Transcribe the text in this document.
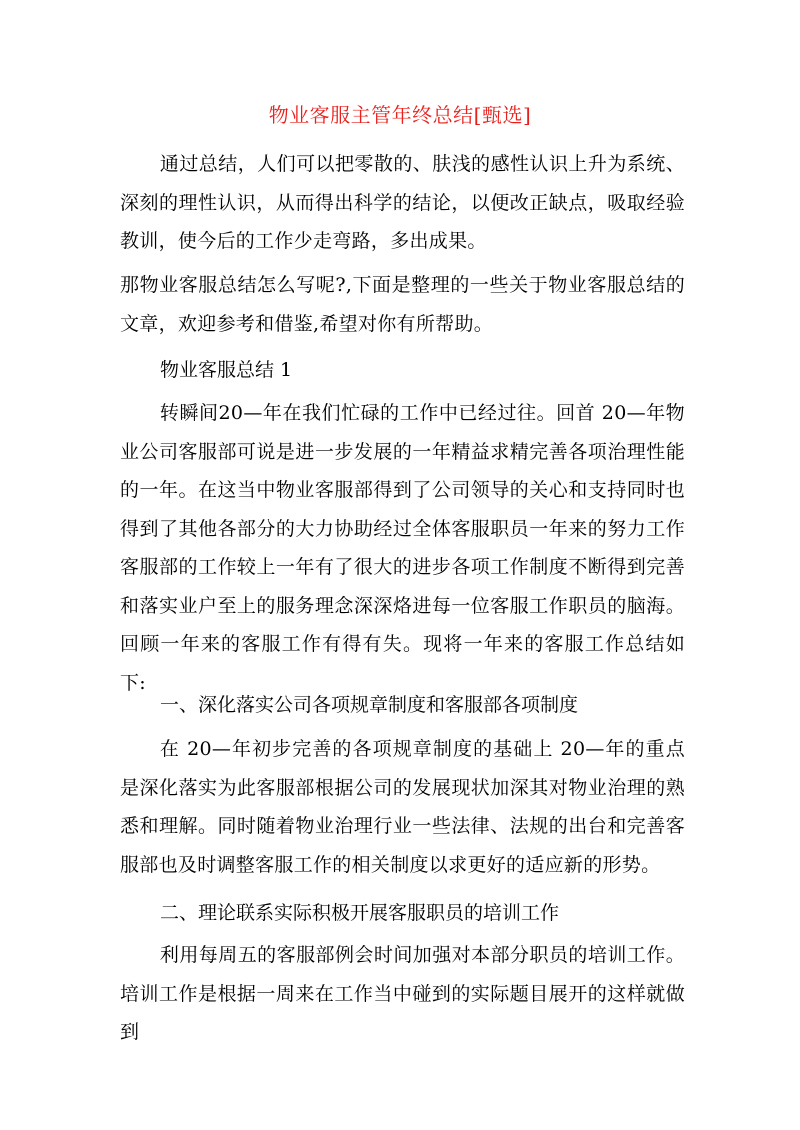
物业客服主管年终总结[甄选]

通过总结，人们可以把零散的、肤浅的感性认识上升为系统、深刻的理性认识，从而得出科学的结论，以便改正缺点，吸取经验教训，使今后的工作少走弯路，多出成果。

那物业客服总结怎么写呢?,下面是整理的一些关于物业客服总结的文章，欢迎参考和借鉴,希望对你有所帮助。

物业客服总结 1

转瞬间20—年在我们忙碌的工作中已经过往。回首 20—年物业公司客服部可说是进一步发展的一年精益求精完善各项治理性能的一年。在这当中物业客服部得到了公司领导的关心和支持同时也得到了其他各部分的大力协助经过全体客服职员一年来的努力工作客服部的工作较上一年有了很大的进步各项工作制度不断得到完善和落实业户至上的服务理念深深烙进每一位客服工作职员的脑海。回顾一年来的客服工作有得有失。现将一年来的客服工作总结如下:

一、深化落实公司各项规章制度和客服部各项制度

在 20—年初步完善的各项规章制度的基础上 20—年的重点是深化落实为此客服部根据公司的发展现状加深其对物业治理的熟悉和理解。同时随着物业治理行业一些法律、法规的出台和完善客服部也及时调整客服工作的相关制度以求更好的适应新的形势。

二、理论联系实际积极开展客服职员的培训工作

利用每周五的客服部例会时间加强对本部分职员的培训工作。培训工作是根据一周来在工作当中碰到的实际题目展开的这样就做到
